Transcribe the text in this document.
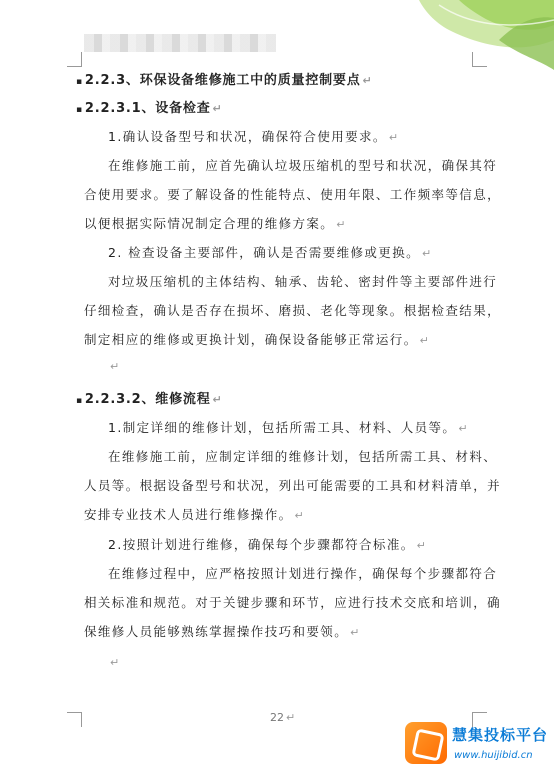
▪ 2.2.3、环保设备维修施工中的质量控制要点 ↵
▪ 2.2.3.1、设备检查 ↵
1.确认设备型号和状况，确保符合使用要求。 ↵
在维修施工前，应首先确认垃圾压缩机的型号和状况，确保其符
合使用要求。要了解设备的性能特点、使用年限、工作频率等信息，
以便根据实际情况制定合理的维修方案。 ↵
2. 检查设备主要部件，确认是否需要维修或更换。 ↵
对垃圾压缩机的主体结构、轴承、齿轮、密封件等主要部件进行
仔细检查，确认是否存在损坏、磨损、老化等现象。根据检查结果，
制定相应的维修或更换计划，确保设备能够正常运行。 ↵
↵
▪ 2.2.3.2、维修流程 ↵
1.制定详细的维修计划，包括所需工具、材料、人员等。 ↵
在维修施工前，应制定详细的维修计划，包括所需工具、材料、
人员等。根据设备型号和状况，列出可能需要的工具和材料清单，并
安排专业技术人员进行维修操作。 ↵
2.按照计划进行维修，确保每个步骤都符合标准。 ↵
在维修过程中，应严格按照计划进行操作，确保每个步骤都符合
相关标准和规范。对于关键步骤和环节，应进行技术交底和培训，确
保维修人员能够熟练掌握操作技巧和要领。 ↵
↵
22 ↵
慧集投标平台
www.huijibid.cn
